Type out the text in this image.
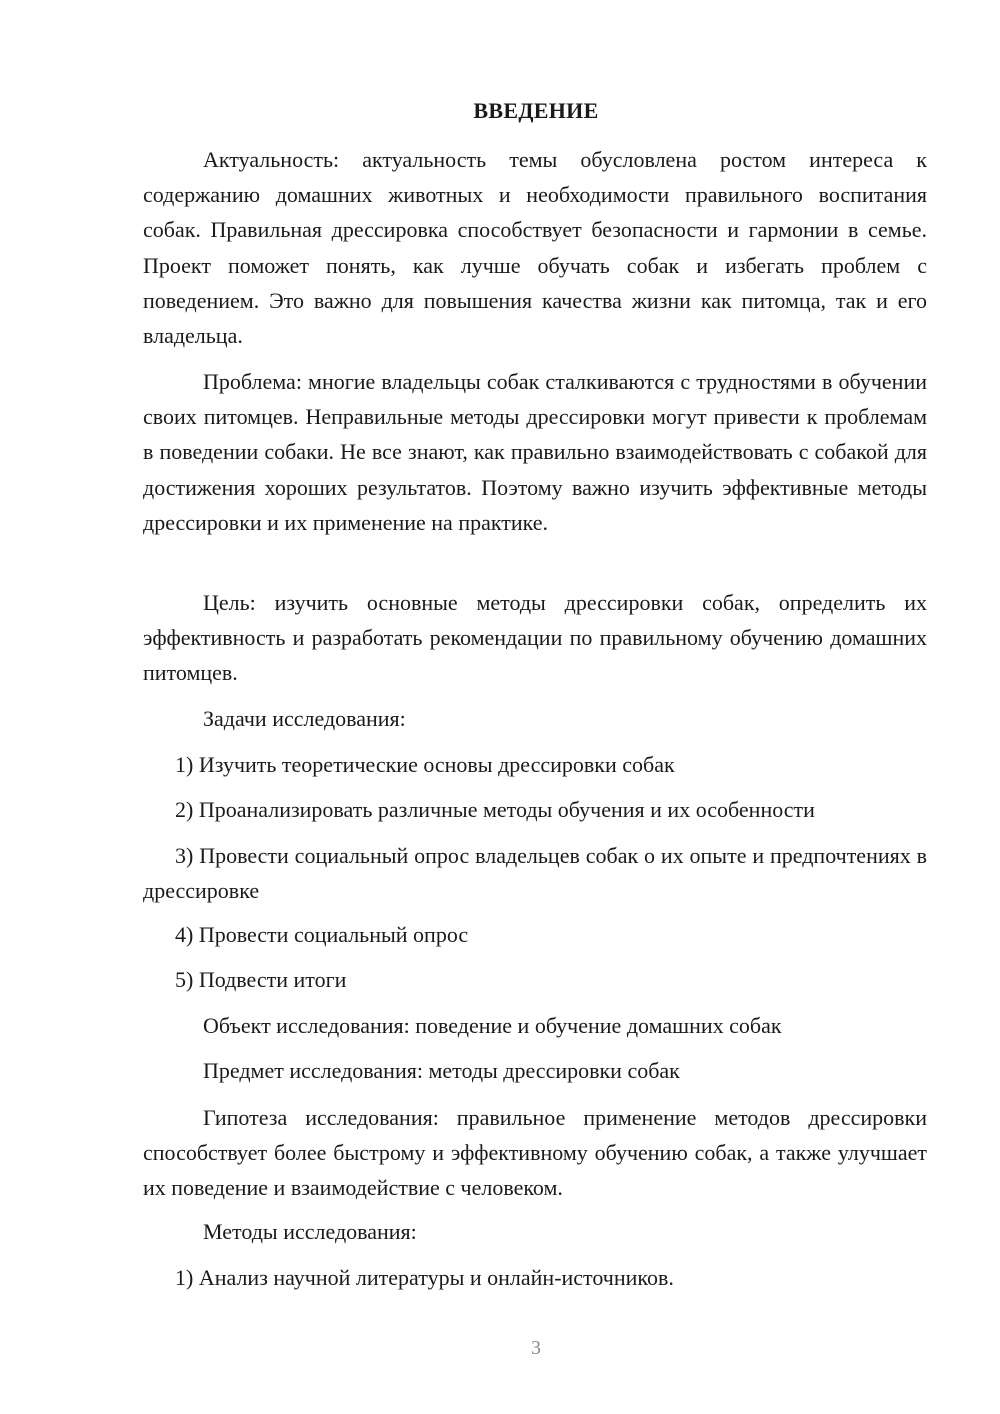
ВВЕДЕНИЕ
Актуальность: актуальность темы обусловлена ростом интереса к содержанию домашних животных и необходимости правильного воспитания собак. Правильная дрессировка способствует безопасности и гармонии в семье. Проект поможет понять, как лучше обучать собак и избегать проблем с поведением. Это важно для повышения качества жизни как питомца, так и его владельца.
Проблема: многие владельцы собак сталкиваются с трудностями в обучении своих питомцев. Неправильные методы дрессировки могут привести к проблемам в поведении собаки. Не все знают, как правильно взаимодействовать с собакой для достижения хороших результатов. Поэтому важно изучить эффективные методы дрессировки и их применение на практике.
Цель: изучить основные методы дрессировки собак, определить их эффективность и разработать рекомендации по правильному обучению домашних питомцев.
Задачи исследования:
1) Изучить теоретические основы дрессировки собак
2) Проанализировать различные методы обучения и их особенности
3) Провести социальный опрос владельцев собак о их опыте и предпочтениях в дрессировке
4) Провести социальный опрос
5) Подвести итоги
Объект исследования: поведение и обучение домашних собак
Предмет исследования: методы дрессировки собак
Гипотеза исследования: правильное применение методов дрессировки способствует более быстрому и эффективному обучению собак, а также улучшает их поведение и взаимодействие с человеком.
Методы исследования:
1) Анализ научной литературы и онлайн-источников.
3
